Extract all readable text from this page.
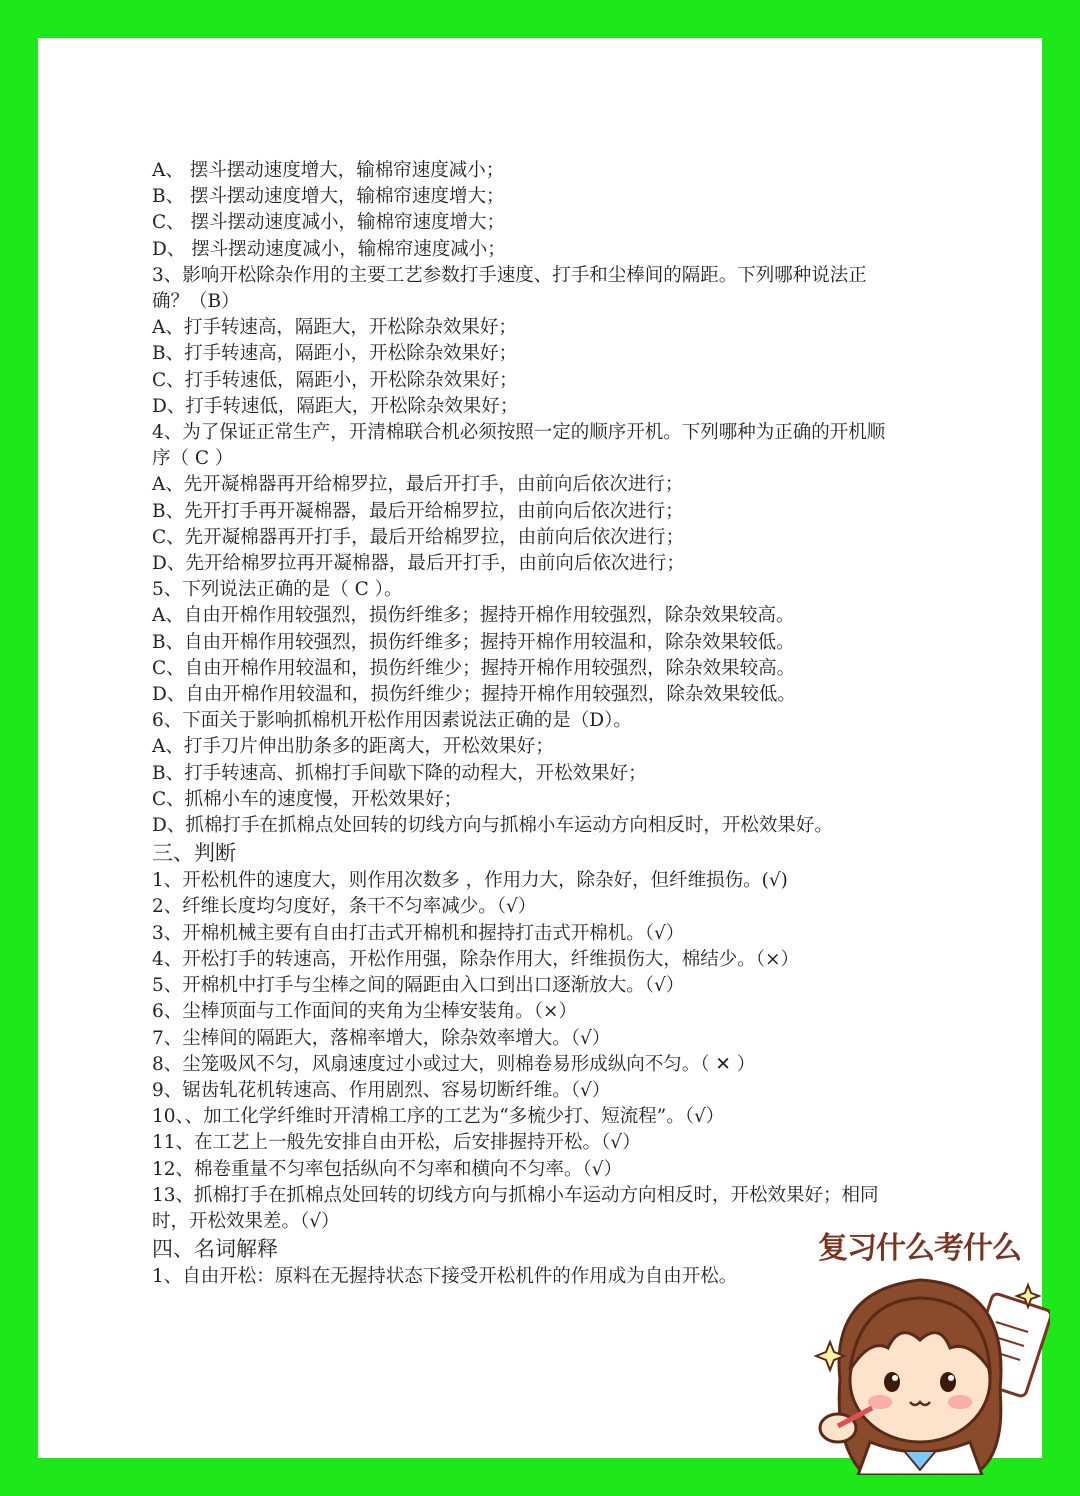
A、 摆斗摆动速度增大，输棉帘速度减小；
B、 摆斗摆动速度增大，输棉帘速度增大；
C、 摆斗摆动速度减小，输棉帘速度增大；
D、 摆斗摆动速度减小，输棉帘速度减小；
3、影响开松除杂作用的主要工艺参数打手速度、打手和尘棒间的隔距。下列哪种说法正确？（B）
A、打手转速高，隔距大，开松除杂效果好；
B、打手转速高，隔距小，开松除杂效果好；
C、打手转速低，隔距小，开松除杂效果好；
D、打手转速低，隔距大，开松除杂效果好；
4、为了保证正常生产，开清棉联合机必须按照一定的顺序开机。下列哪种为正确的开机顺序（ C ）
A、先开凝棉器再开给棉罗拉，最后开打手，由前向后依次进行；
B、先开打手再开凝棉器，最后开给棉罗拉，由前向后依次进行；
C、先开凝棉器再开打手，最后开给棉罗拉，由前向后依次进行；
D、先开给棉罗拉再开凝棉器，最后开打手，由前向后依次进行；
5、下列说法正确的是（ C ）。
A、自由开棉作用较强烈，损伤纤维多；握持开棉作用较强烈，除杂效果较高。
B、自由开棉作用较强烈，损伤纤维多；握持开棉作用较温和，除杂效果较低。
C、自由开棉作用较温和，损伤纤维少；握持开棉作用较强烈，除杂效果较高。
D、自由开棉作用较温和，损伤纤维少；握持开棉作用较强烈，除杂效果较低。
6、下面关于影响抓棉机开松作用因素说法正确的是（D）。
A、打手刀片伸出肋条多的距离大，开松效果好；
B、打手转速高、抓棉打手间歇下降的动程大，开松效果好；
C、抓棉小车的速度慢，开松效果好；
D、抓棉打手在抓棉点处回转的切线方向与抓棉小车运动方向相反时，开松效果好。
三、判断
1、开松机件的速度大，则作用次数多 ，作用力大，除杂好，但纤维损伤。(√)
2、纤维长度均匀度好，条干不匀率减少。（√）
3、开棉机械主要有自由打击式开棉机和握持打击式开棉机。（√）
4、开松打手的转速高，开松作用强，除杂作用大，纤维损伤大，棉结少。（×）
5、开棉机中打手与尘棒之间的隔距由入口到出口逐渐放大。（√）
6、尘棒顶面与工作面间的夹角为尘棒安装角。（×）
7、尘棒间的隔距大，落棉率增大，除杂效率增大。（√）
8、尘笼吸风不匀，风扇速度过小或过大，则棉卷易形成纵向不匀。（ ✕ ）
9、锯齿轧花机转速高、作用剧烈、容易切断纤维。（√）
10、、加工化学纤维时开清棉工序的工艺为“多梳少打、短流程”。（√）
11、在工艺上一般先安排自由开松，后安排握持开松。（√）
12、棉卷重量不匀率包括纵向不匀率和横向不匀率。（√）
13、抓棉打手在抓棉点处回转的切线方向与抓棉小车运动方向相反时，开松效果好；相同时，开松效果差。（√）
四、名词解释
1、自由开松：原料在无握持状态下接受开松机件的作用成为自由开松。
复习什么考什么
